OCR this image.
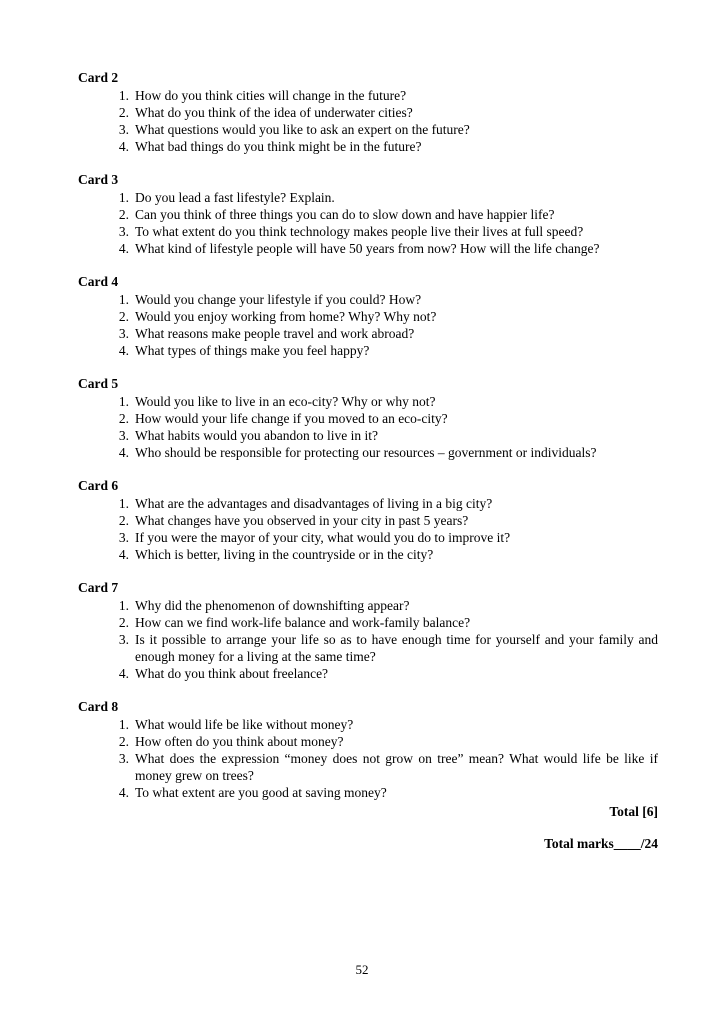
Card 2
1. How do you think cities will change in the future?
2. What do you think of the idea of underwater cities?
3. What questions would you like to ask an expert on the future?
4. What bad things do you think might be in the future?
Card 3
1. Do you lead a fast lifestyle? Explain.
2. Can you think of three things you can do to slow down and have happier life?
3. To what extent do you think technology makes people live their lives at full speed?
4. What kind of lifestyle people will have 50 years from now? How will the life change?
Card 4
1. Would you change your lifestyle if you could? How?
2. Would you enjoy working from home? Why? Why not?
3. What reasons make people travel and work abroad?
4. What types of things make you feel happy?
Card 5
1. Would you like to live in an eco-city? Why or why not?
2. How would your life change if you moved to an eco-city?
3. What habits would you abandon to live in it?
4. Who should be responsible for protecting our resources – government or individuals?
Card 6
1. What are the advantages and disadvantages of living in a big city?
2. What changes have you observed in your city in past 5 years?
3. If you were the mayor of your city, what would you do to improve it?
4. Which is better, living in the countryside or in the city?
Card 7
1. Why did the phenomenon of downshifting appear?
2. How can we find work-life balance and work-family balance?
3. Is it possible to arrange your life so as to have enough time for yourself and your family and enough money for a living at the same time?
4. What do you think about freelance?
Card 8
1. What would life be like without money?
2. How often do you think about money?
3. What does the expression “money does not grow on tree” mean? What would life be like if money grew on trees?
4. To what extent are you good at saving money?
Total [6]
Total marks____/24
52
